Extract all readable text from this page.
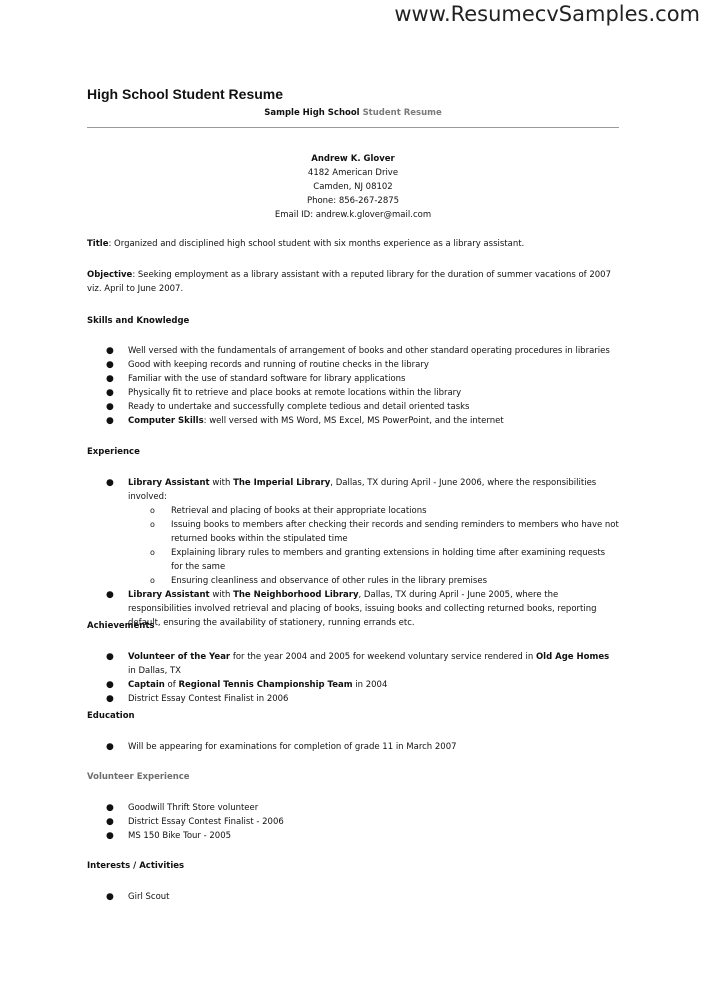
www.ResumecvSamples.com
High School Student Resume
Sample High School Student Resume
Andrew K. Glover
4182 American Drive
Camden, NJ 08102
Phone: 856-267-2875
Email ID: andrew.k.glover@mail.com
Title: Organized and disciplined high school student with six months experience as a library assistant.
Objective: Seeking employment as a library assistant with a reputed library for the duration of summer vacations of 2007 viz. April to June 2007.
Skills and Knowledge
● Well versed with the fundamentals of arrangement of books and other standard operating procedures in libraries
● Good with keeping records and running of routine checks in the library
● Familiar with the use of standard software for library applications
● Physically fit to retrieve and place books at remote locations within the library
● Ready to undertake and successfully complete tedious and detail oriented tasks
● Computer Skills: well versed with MS Word, MS Excel, MS PowerPoint, and the internet
Experience
● Library Assistant with The Imperial Library, Dallas, TX during April - June 2006, where the responsibilities involved:
o Retrieval and placing of books at their appropriate locations
o Issuing books to members after checking their records and sending reminders to members who have not returned books within the stipulated time
o Explaining library rules to members and granting extensions in holding time after examining requests for the same
o Ensuring cleanliness and observance of other rules in the library premises
● Library Assistant with The Neighborhood Library, Dallas, TX during April - June 2005, where the responsibilities involved retrieval and placing of books, issuing books and collecting returned books, reporting default, ensuring the availability of stationery, running errands etc.
Achievements
● Volunteer of the Year for the year 2004 and 2005 for weekend voluntary service rendered in Old Age Homes in Dallas, TX
● Captain of Regional Tennis Championship Team in 2004
● District Essay Contest Finalist in 2006
Education
● Will be appearing for examinations for completion of grade 11 in March 2007
Volunteer Experience
● Goodwill Thrift Store volunteer
● District Essay Contest Finalist - 2006
● MS 150 Bike Tour - 2005
Interests / Activities
● Girl Scout
